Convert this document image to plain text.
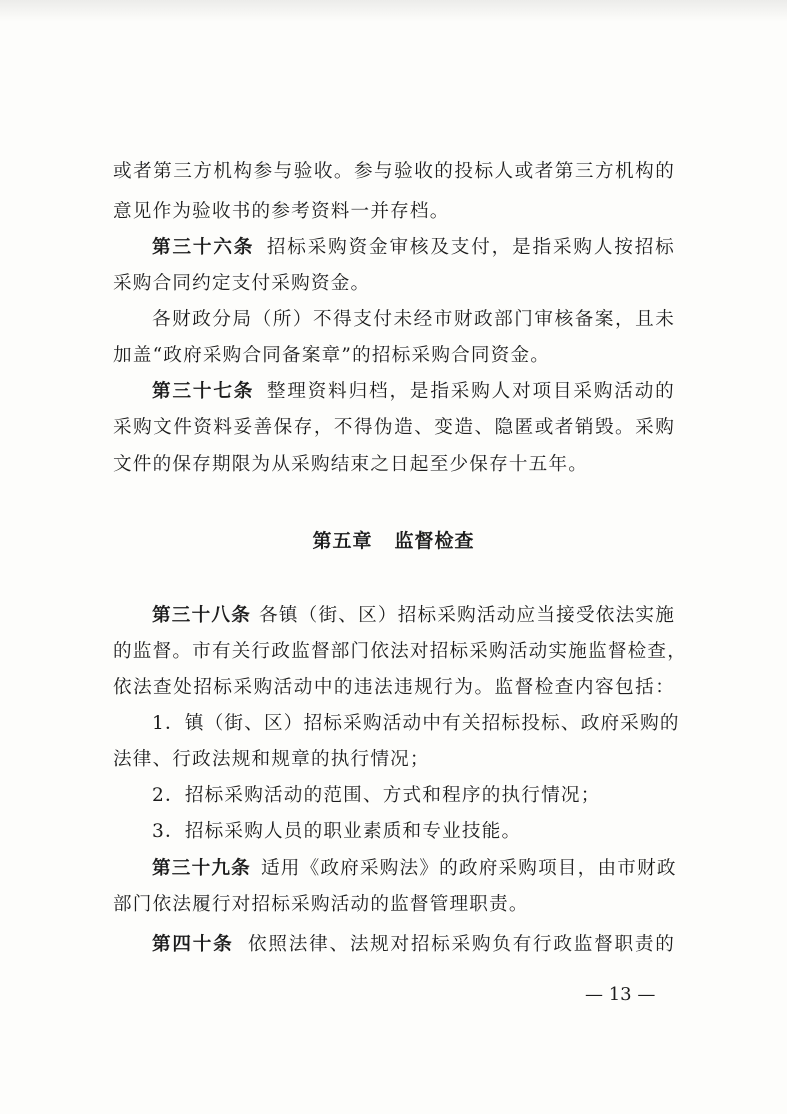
或者第三方机构参与验收。参与验收的投标人或者第三方机构的
意见作为验收书的参考资料一并存档。
第三十六条 招标采购资金审核及支付，是指采购人按招标
采购合同约定支付采购资金。
各财政分局（所）不得支付未经市财政部门审核备案，且未
加盖“政府采购合同备案章”的招标采购合同资金。
第三十七条 整理资料归档，是指采购人对项目采购活动的
采购文件资料妥善保存，不得伪造、变造、隐匿或者销毁。采购
文件的保存期限为从采购结束之日起至少保存十五年。
第五章 监督检查
第三十八条 各镇（街、区）招标采购活动应当接受依法实施
的监督。市有关行政监督部门依法对招标采购活动实施监督检查，
依法查处招标采购活动中的违法违规行为。监督检查内容包括：
1．镇（街、区）招标采购活动中有关招标投标、政府采购的
法律、行政法规和规章的执行情况；
2．招标采购活动的范围、方式和程序的执行情况；
3．招标采购人员的职业素质和专业技能。
第三十九条 适用《政府采购法》的政府采购项目，由市财政
部门依法履行对招标采购活动的监督管理职责。
第四十条 依照法律、法规对招标采购负有行政监督职责的
— 13 —
